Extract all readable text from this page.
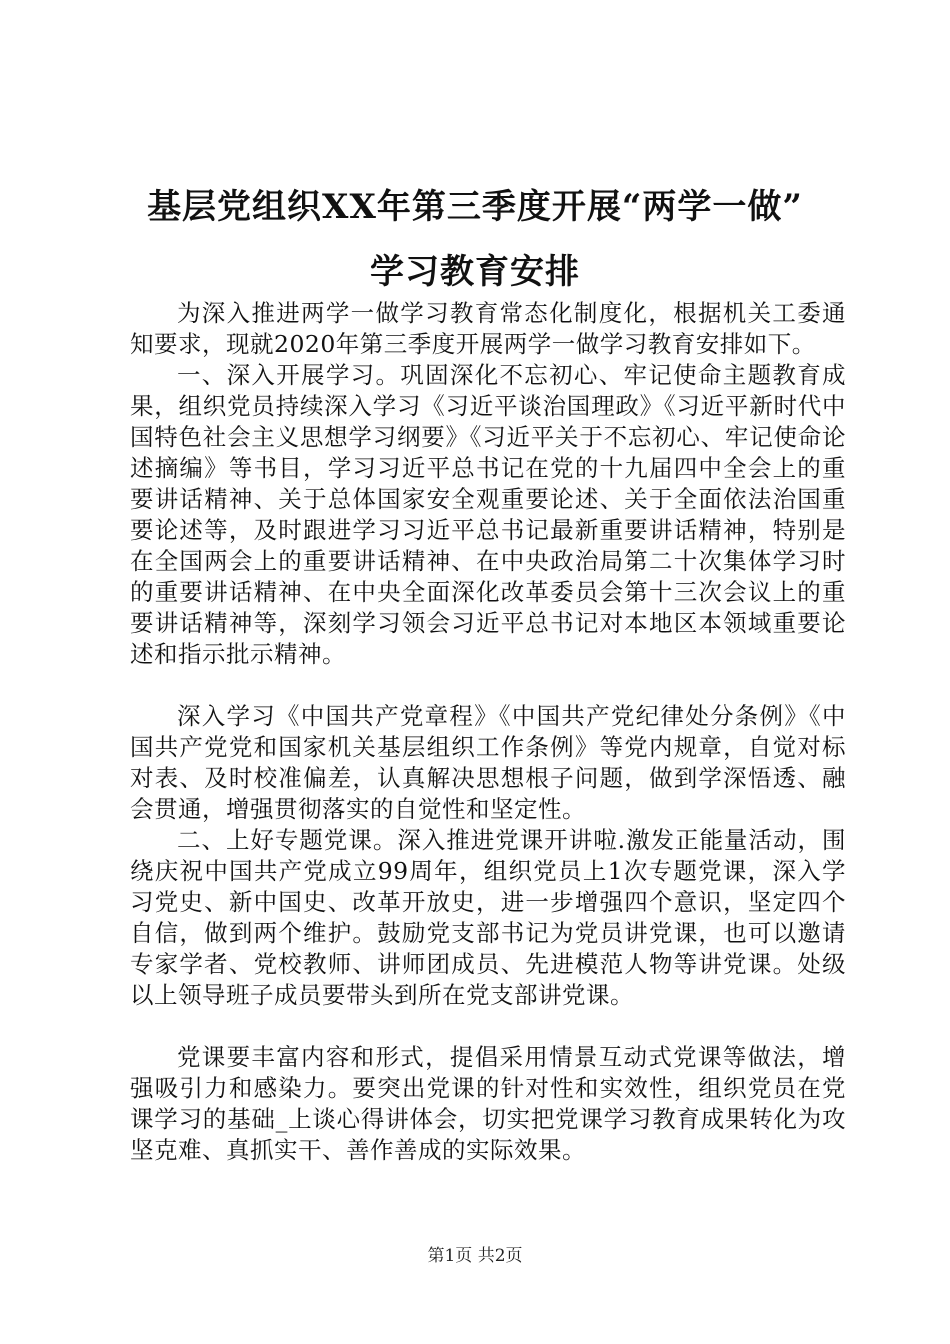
基层党组织XX年第三季度开展“两学一做”
学习教育安排

为深入推进两学一做学习教育常态化制度化，根据机关工委通知要求，现就2020年第三季度开展两学一做学习教育安排如下。

一、深入开展学习。巩固深化不忘初心、牢记使命主题教育成果，组织党员持续深入学习《习近平谈治国理政》《习近平新时代中国特色社会主义思想学习纲要》《习近平关于不忘初心、牢记使命论述摘编》等书目，学习习近平总书记在党的十九届四中全会上的重要讲话精神、关于总体国家安全观重要论述、关于全面依法治国重要论述等，及时跟进学习习近平总书记最新重要讲话精神，特别是在全国两会上的重要讲话精神、在中央政治局第二十次集体学习时的重要讲话精神、在中央全面深化改革委员会第十三次会议上的重要讲话精神等，深刻学习领会习近平总书记对本地区本领域重要论述和指示批示精神。

深入学习《中国共产党章程》《中国共产党纪律处分条例》《中国共产党党和国家机关基层组织工作条例》等党内规章，自觉对标对表、及时校准偏差，认真解决思想根子问题，做到学深悟透、融会贯通，增强贯彻落实的自觉性和坚定性。

二、上好专题党课。深入推进党课开讲啦.激发正能量活动，围绕庆祝中国共产党成立99周年，组织党员上1次专题党课，深入学习党史、新中国史、改革开放史，进一步增强四个意识，坚定四个自信，做到两个维护。鼓励党支部书记为党员讲党课，也可以邀请专家学者、党校教师、讲师团成员、先进模范人物等讲党课。处级以上领导班子成员要带头到所在党支部讲党课。

党课要丰富内容和形式，提倡采用情景互动式党课等做法，增强吸引力和感染力。要突出党课的针对性和实效性，组织党员在党课学习的基础_上谈心得讲体会，切实把党课学习教育成果转化为攻坚克难、真抓实干、善作善成的实际效果。

第1页 共2页
